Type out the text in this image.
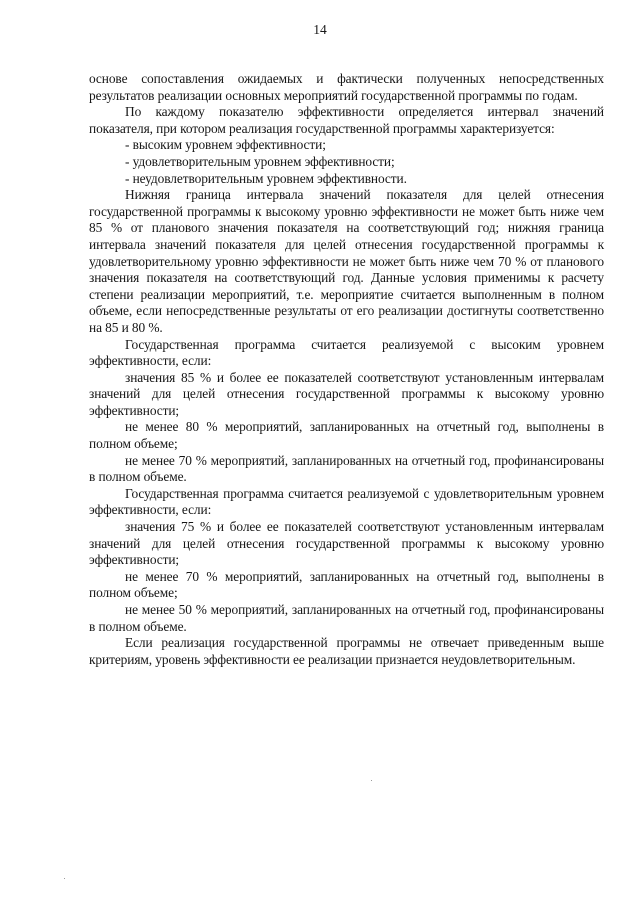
14

основе сопоставления ожидаемых и фактически полученных непосредственных результатов реализации основных мероприятий государственной программы по годам.

По каждому показателю эффективности определяется интервал значений показателя, при котором реализация государственной программы характеризуется:

- высоким уровнем эффективности;

- удовлетворительным уровнем эффективности;

- неудовлетворительным уровнем эффективности.

Нижняя граница интервала значений показателя для целей отнесения государственной программы к высокому уровню эффективности не может быть ниже чем 85 % от планового значения показателя на соответствующий год; нижняя граница интервала значений показателя для целей отнесения государственной программы к удовлетворительному уровню эффективности не может быть ниже чем 70 % от планового значения показателя на соответствующий год. Данные условия применимы к расчету степени реализации мероприятий, т.е. мероприятие считается выполненным в полном объеме, если непосредственные результаты от его реализации достигнуты соответственно на 85 и 80 %.

Государственная программа считается реализуемой с высоким уровнем эффективности, если:

значения 85 % и более ее показателей соответствуют установленным интервалам значений для целей отнесения государственной программы к высокому уровню эффективности;

не менее 80 % мероприятий, запланированных на отчетный год, выполнены в полном объеме;

не менее 70 % мероприятий, запланированных на отчетный год, профинансированы в полном объеме.

Государственная программа считается реализуемой с удовлетворительным уровнем эффективности, если:

значения 75 % и более ее показателей соответствуют установленным интервалам значений для целей отнесения государственной программы к высокому уровню эффективности;

не менее 70 % мероприятий, запланированных на отчетный год, выполнены в полном объеме;

не менее 50 % мероприятий, запланированных на отчетный год, профинансированы в полном объеме.

Если реализация государственной программы не отвечает приведенным выше критериям, уровень эффективности ее реализации признается неудовлетворительным.
